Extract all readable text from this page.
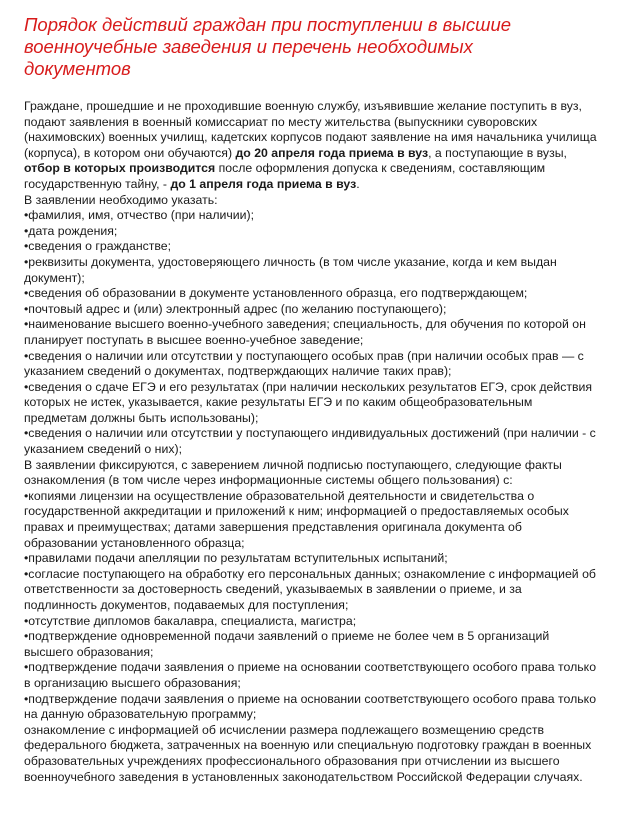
Порядок действий граждан при поступлении в высшие военноучебные заведения и перечень необходимых документов

Граждане, прошедшие и не проходившие военную службу, изъявившие желание поступить в вуз, подают заявления в военный комиссариат по месту жительства (выпускники суворовских (нахимовских) военных училищ, кадетских корпусов подают заявление на имя начальника училища (корпуса), в котором они обучаются) до 20 апреля года приема в вуз, а поступающие в вузы, отбор в которых производится после оформления допуска к сведениям, составляющим государственную тайну, - до 1 апреля года приема в вуз.

В заявлении необходимо указать:

•фамилия, имя, отчество (при наличии);

•дата рождения;

•сведения о гражданстве;

•реквизиты документа, удостоверяющего личность (в том числе указание, когда и кем выдан документ);

•сведения об образовании в документе установленного образца, его подтверждающем;

•почтовый адрес и (или) электронный адрес (по желанию поступающего);

•наименование высшего военно-учебного заведения; специальность, для обучения по которой он планирует поступать в высшее военно-учебное заведение;

•сведения о наличии или отсутствии у поступающего особых прав (при наличии особых прав — с указанием сведений о документах, подтверждающих наличие таких прав);

•сведения о сдаче ЕГЭ и его результатах (при наличии нескольких результатов ЕГЭ, срок действия которых не истек, указывается, какие результаты ЕГЭ и по каким общеобразовательным предметам должны быть использованы);

•сведения о наличии или отсутствии у поступающего индивидуальных достижений (при наличии - с указанием сведений о них);

В заявлении фиксируются, с заверением личной подписью поступающего, следующие факты ознакомления (в том числе через информационные системы общего пользования) с:

•копиями лицензии на осуществление образовательной деятельности и свидетельства о государственной аккредитации и приложений к ним; информацией о предоставляемых особых правах и преимуществах; датами завершения представления оригинала документа об образовании установленного образца;

•правилами подачи апелляции по результатам вступительных испытаний;

•согласие поступающего на обработку его персональных данных; ознакомление с информацией об ответственности за достоверность сведений, указываемых в заявлении о приеме, и за подлинность документов, подаваемых для поступления;

•отсутствие дипломов бакалавра, специалиста, магистра;

•подтверждение одновременной подачи заявлений о приеме не более чем в 5 организаций высшего образования;

•подтверждение подачи заявления о приеме на основании соответствующего особого права только в организацию высшего образования;

•подтверждение подачи заявления о приеме на основании соответствующего особого права только на данную образовательную программу;

ознакомление с информацией об исчислении размера подлежащего возмещению средств федерального бюджета, затраченных на военную или специальную подготовку граждан в военных образовательных учреждениях профессионального образования при отчислении из высшего военноучебного заведения в установленных законодательством Российской Федерации случаях.
